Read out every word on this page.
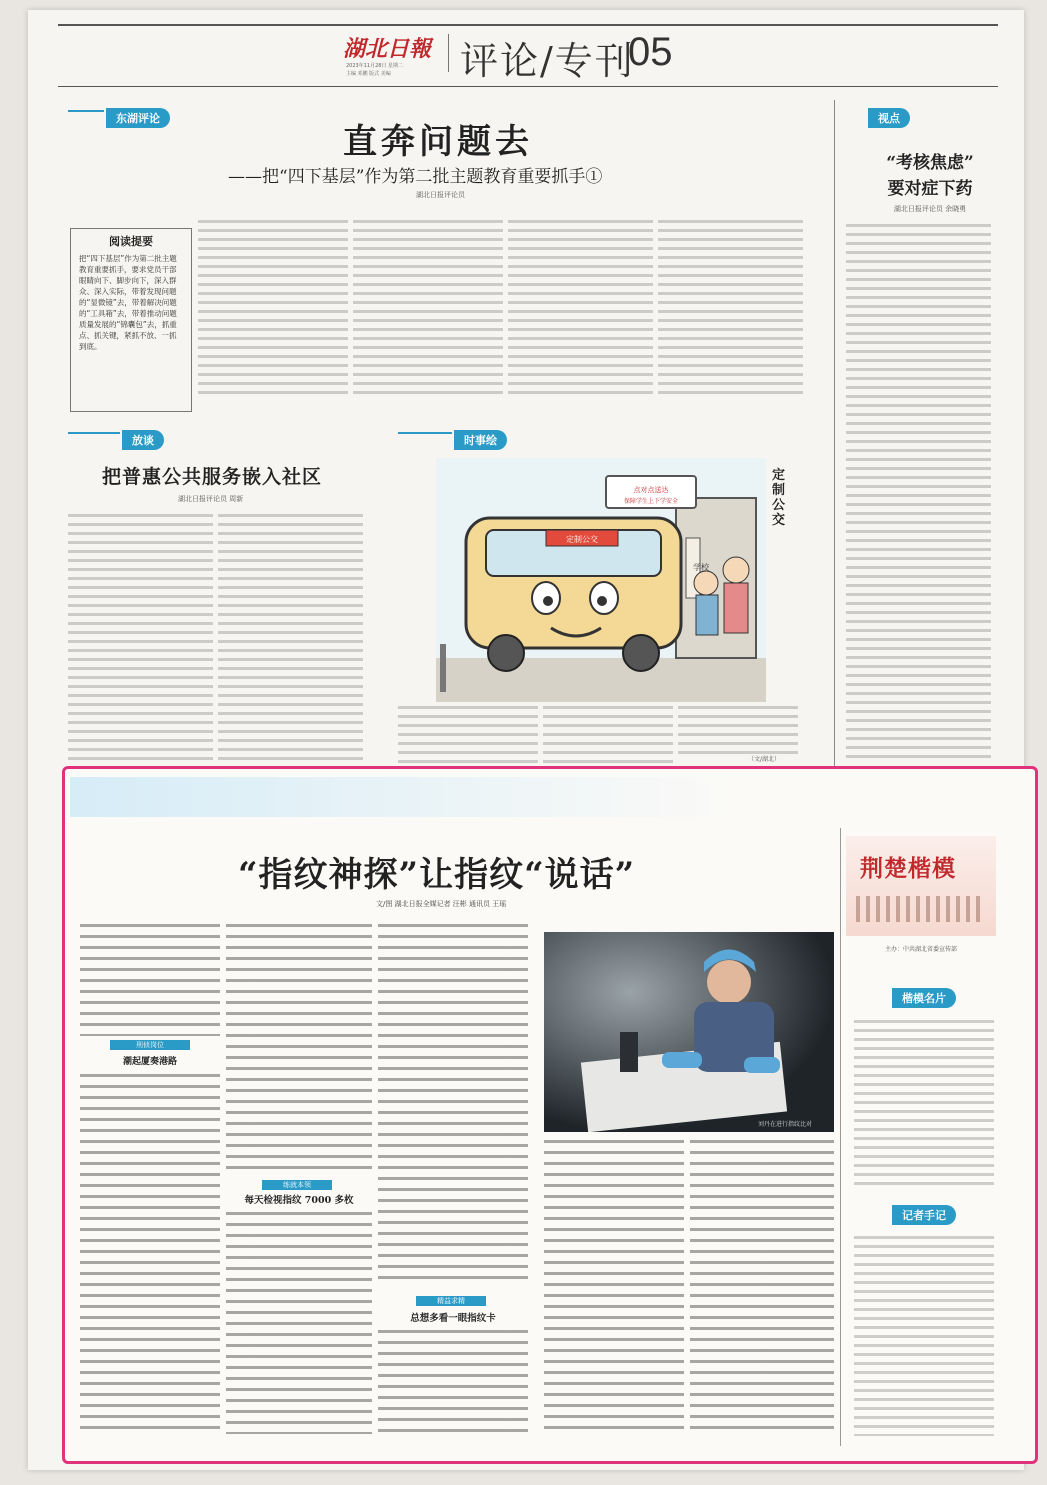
湖北日報
2023年11月28日 星期二
主编 邓鹏 版式 美编	评论/专刊
05
东湖评论
直奔问题去
——把“四下基层”作为第二批主题教育重要抓手①
湖北日报评论员
阅读提要
把“四下基层”作为第二批主题教育重要抓手，要求党员干部眼睛向下、脚步向下，深入群众、深入实际，带着发现问题的“显微镜”去，带着解决问题的“工具箱”去，带着推动问题质量发展的“锦囊包”去，抓重点、抓关键，紧抓不放、一抓到底。
视点
“考核焦虑”
要对症下药
湖北日报评论员 余晓勇
放谈
把普惠公共服务嵌入社区
湖北日报评论员 周新
时事绘
定制公交
点对点送达
保障学生上下学安全
定制公交
学校
（文/湖北）
“指纹神探”让指纹“说话”
文/图 湖北日报全媒记者 汪彬 通讯员 王瑶
荆楚楷模
主办：中共湖北省委宣传部
楷模名片
记者手记
刘丹在进行指纹比对
刑侦岗位
潮起厦奏港路
练就本领
每天检视指纹 7000 多枚
精益求精
总想多看一眼指纹卡
